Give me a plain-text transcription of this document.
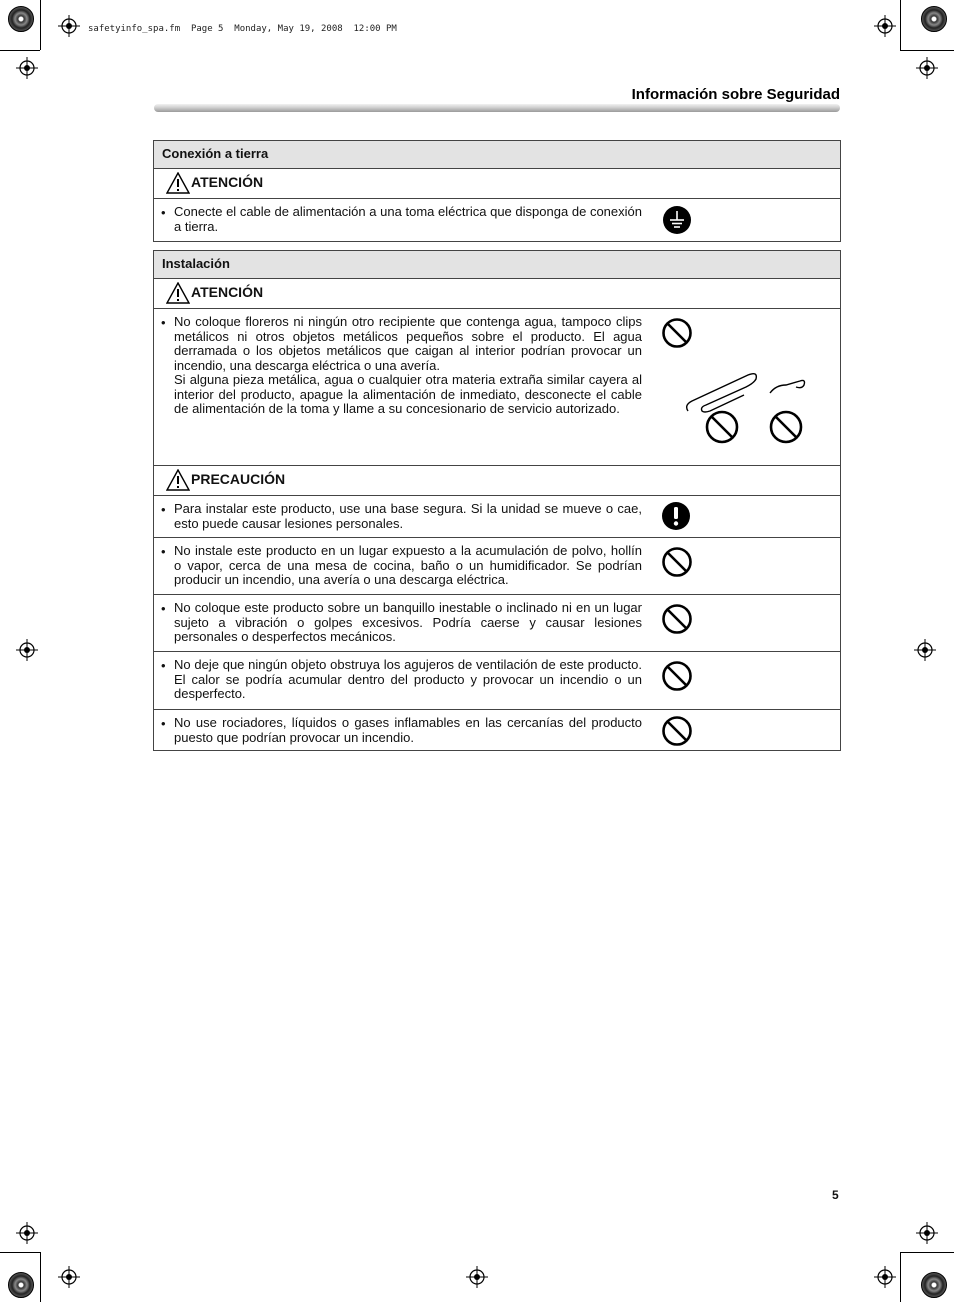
safetyinfo_spa.fm  Page 5  Monday, May 19, 2008  12:00 PM
Información sobre Seguridad
Conexión a tierra
ATENCIÓN
• Conecte el cable de alimentación a una toma eléctrica que disponga de conexión a tierra.
Instalación
ATENCIÓN
• No coloque floreros ni ningún otro recipiente que contenga agua, tampoco clips metálicos ni otros objetos metálicos pequeños sobre el producto. El agua derramada o los objetos metálicos que caigan al interior podrían provocar un incendio, una descarga eléctrica o una avería.
Si alguna pieza metálica, agua o cualquier otra materia extraña similar cayera al interior del producto, apague la alimentación de inmediato, desconecte el cable de alimentación de la toma y llame a su concesionario de servicio autorizado.
PRECAUCIÓN
• Para instalar este producto, use una base segura. Si la unidad se mueve o cae, esto puede causar lesiones personales.
• No instale este producto en un lugar expuesto a la acumulación de polvo, hollín o vapor, cerca de una mesa de cocina, baño o un humidificador. Se podrían producir un incendio, una avería o una descarga eléctrica.
• No coloque este producto sobre un banquillo inestable o inclinado ni en un lugar sujeto a vibración o golpes excesivos. Podría caerse y causar lesiones personales o desperfectos mecánicos.
• No deje que ningún objeto obstruya los agujeros de ventilación de este producto. El calor se podría acumular dentro del producto y provocar un incendio o un desperfecto.
• No use rociadores, líquidos o gases inflamables en las cercanías del producto puesto que podrían provocar un incendio.
5
